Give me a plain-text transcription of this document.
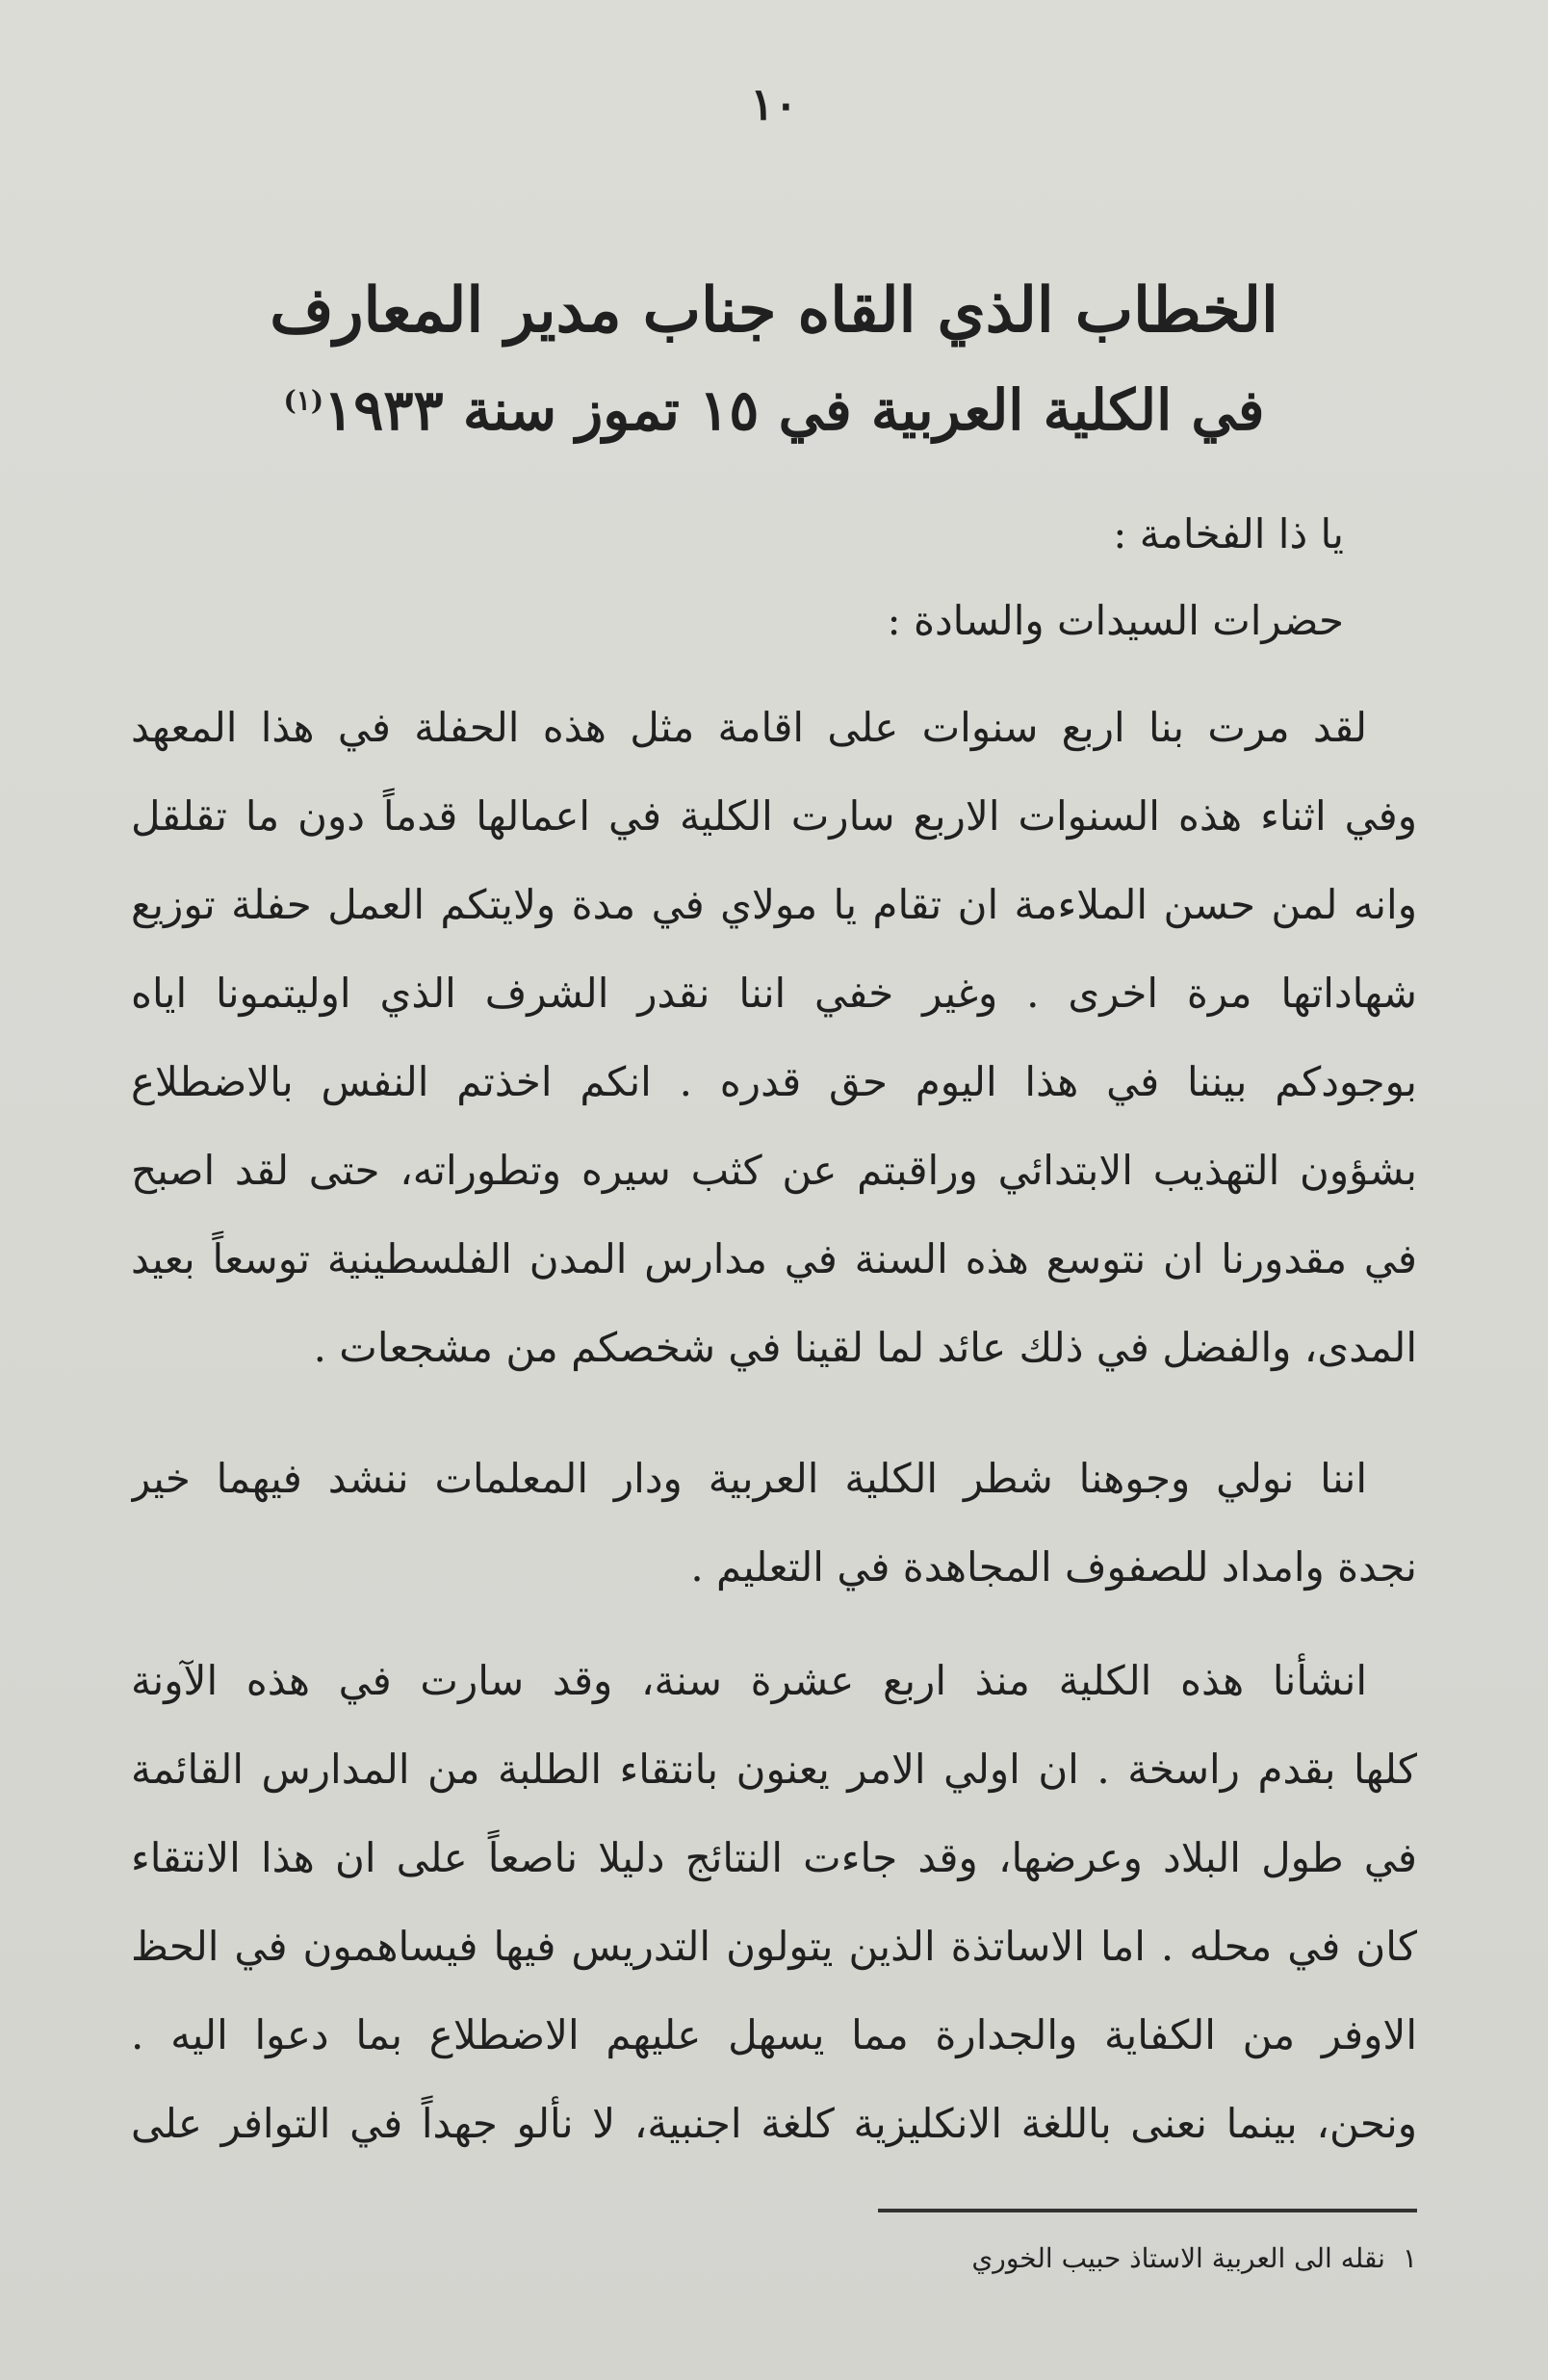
١٠
الخطاب الذي القاه جناب مدير المعارف
في الكلية العربية في ١٥ تموز سنة ١٩٣٣$^{(١)}$
يا ذا الفخامة :
حضرات السيدات والسادة :
لقد مرت بنا اربع سنوات على اقامة مثل هذه الحفلة في هذا المعهد
وفي اثناء هذه السنوات الاربع سارت الكلية في اعمالها قدماً دون ما تقلقل
وانه لمن حسن الملاءمة ان تقام يا مولاي في مدة ولايتكم العمل حفلة توزيع
شهاداتها مرة اخرى . وغير خفي اننا نقدر الشرف الذي اوليتمونا اياه
بوجودكم بيننا في هذا اليوم حق قدره . انكم اخذتم النفس بالاضطلاع
بشؤون التهذيب الابتدائي وراقبتم عن كثب سيره وتطوراته، حتى لقد اصبح
في مقدورنا ان نتوسع هذه السنة في مدارس المدن الفلسطينية توسعاً بعيد
المدى، والفضل في ذلك عائد لما لقينا في شخصكم من مشجعات .
اننا نولي وجوهنا شطر الكلية العربية ودار المعلمات ننشد فيهما خير
نجدة وامداد للصفوف المجاهدة في التعليم .
انشأنا هذه الكلية منذ اربع عشرة سنة، وقد سارت في هذه الآونة
كلها بقدم راسخة . ان اولي الامر يعنون بانتقاء الطلبة من المدارس القائمة
في طول البلاد وعرضها، وقد جاءت النتائج دليلا ناصعاً على ان هذا الانتقاء
كان في محله . اما الاساتذة الذين يتولون التدريس فيها فيساهمون في الحظ
الاوفر من الكفاية والجدارة مما يسهل عليهم الاضطلاع بما دعوا اليه .
ونحن، بينما نعنى باللغة الانكليزية كلغة اجنبية، لا نألو جهداً في التوافر على
١نقله الى العربية الاستاذ حبيب الخوري
